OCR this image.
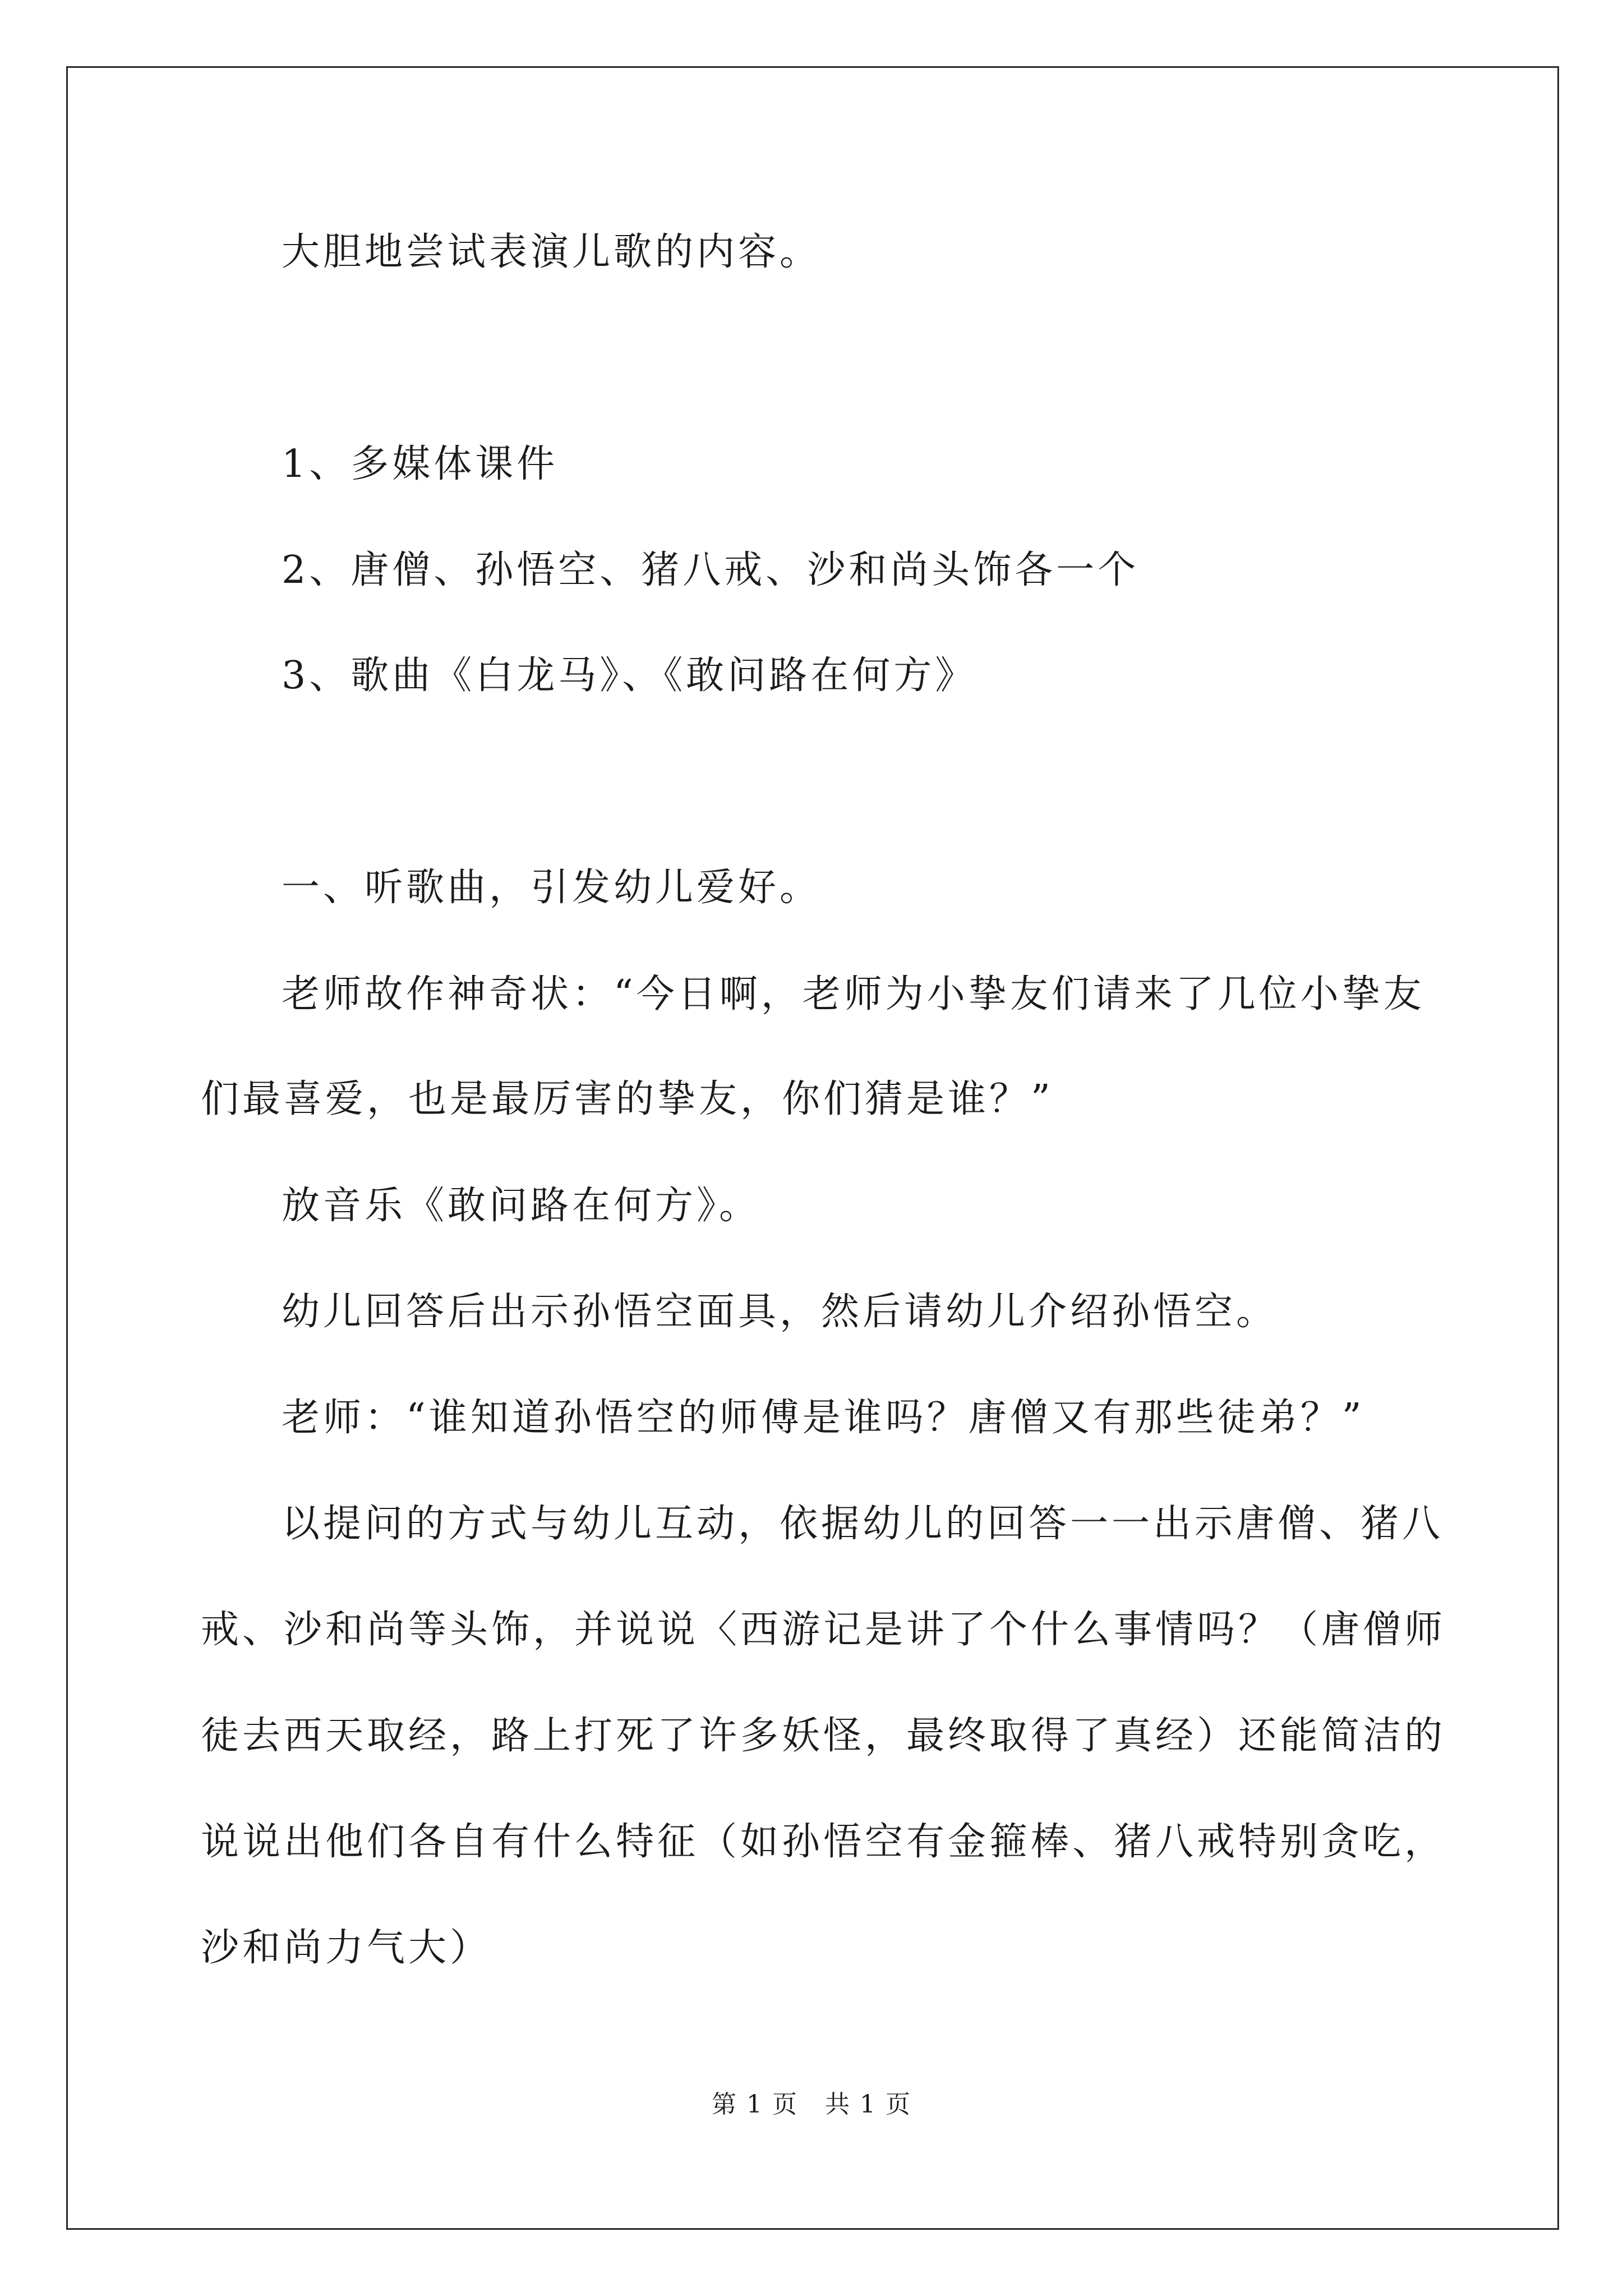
大胆地尝试表演儿歌的内容。
1、多媒体课件
2、唐僧、孙悟空、猪八戒、沙和尚头饰各一个
3、歌曲《白龙马》、《敢问路在何方》
一、听歌曲，引发幼儿爱好。
老师故作神奇状：“今日啊，老师为小挚友们请来了几位小挚友
们最喜爱，也是最厉害的挚友，你们猜是谁？”
放音乐《敢问路在何方》。
幼儿回答后出示孙悟空面具，然后请幼儿介绍孙悟空。
老师：“谁知道孙悟空的师傅是谁吗？唐僧又有那些徒弟？”
以提问的方式与幼儿互动，依据幼儿的回答一一出示唐僧、猪八
戒、沙和尚等头饰，并说说〈西游记是讲了个什么事情吗？（唐僧师
徒去西天取经，路上打死了许多妖怪，最终取得了真经）还能简洁的
说说出他们各自有什么特征（如孙悟空有金箍棒、猪八戒特别贪吃，
沙和尚力气大）
第 1 页 共 1 页
